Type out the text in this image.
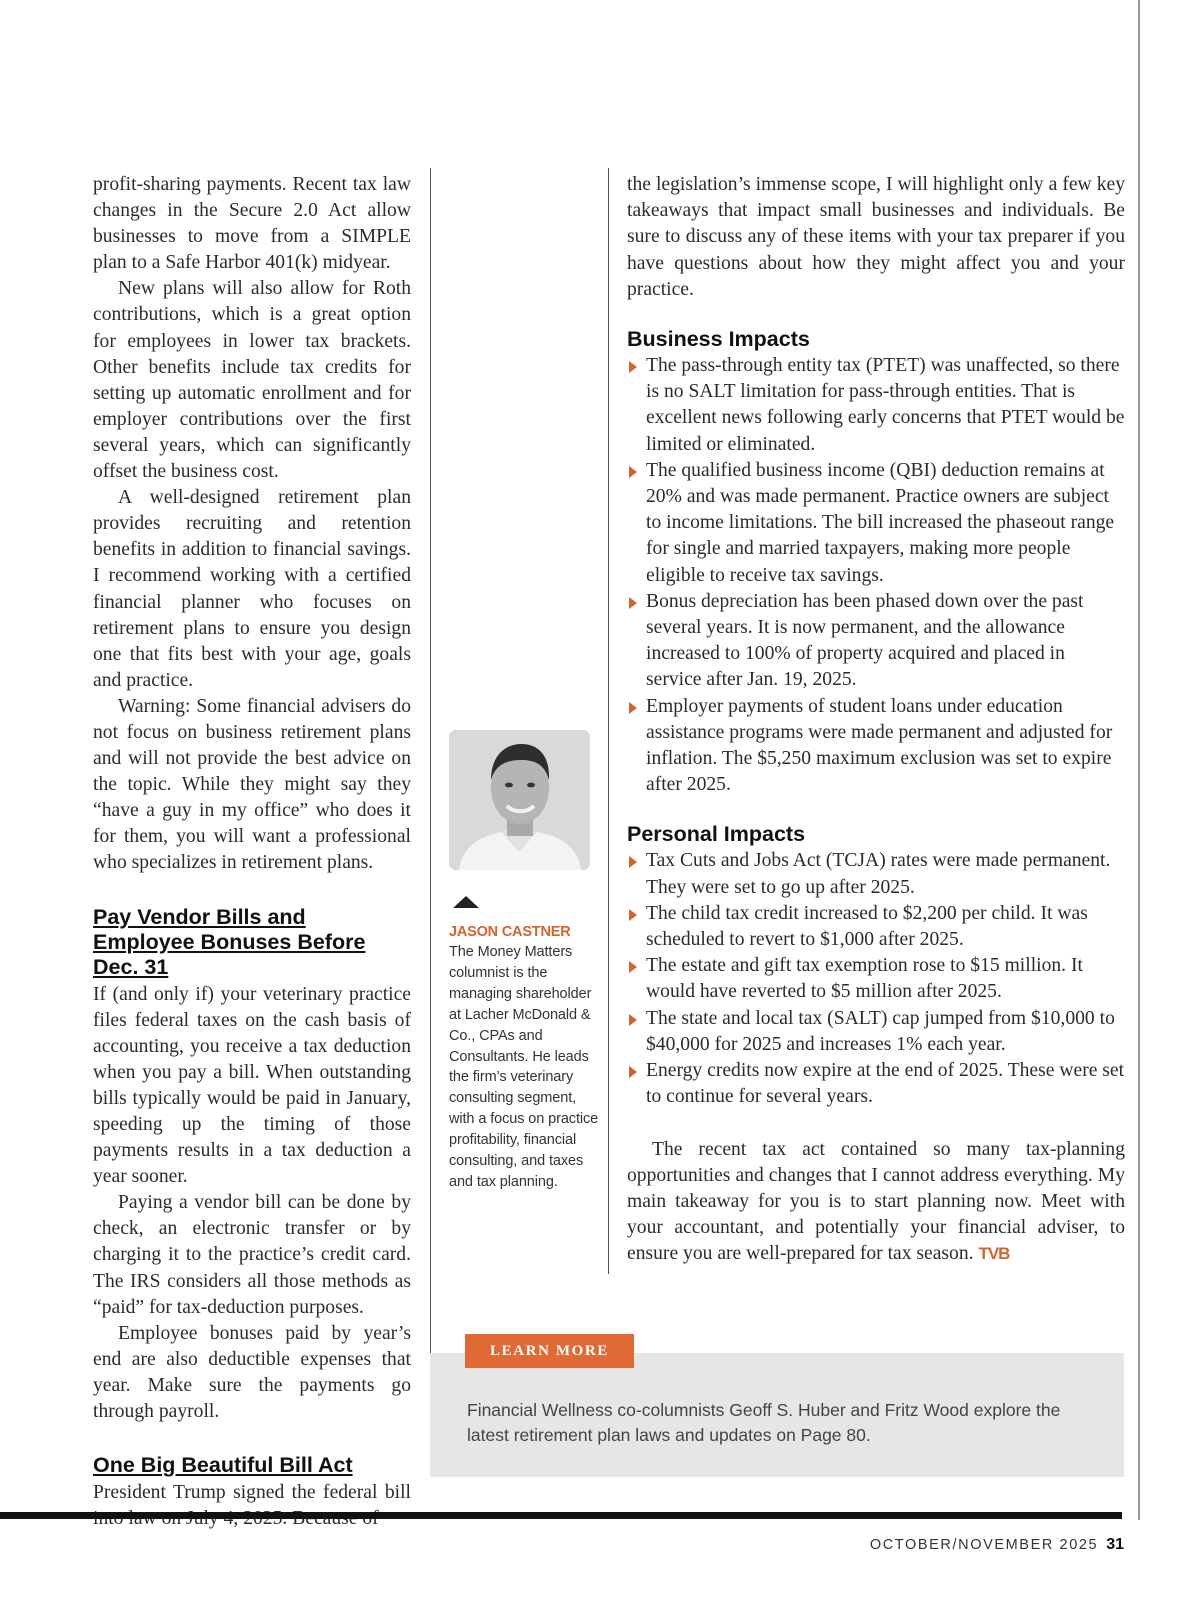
profit-sharing payments. Recent tax law changes in the Secure 2.0 Act allow businesses to move from a SIMPLE plan to a Safe Harbor 401(k) midyear.

New plans will also allow for Roth contributions, which is a great option for employees in lower tax brackets. Other benefits include tax credits for setting up automatic enrollment and for employer contributions over the first several years, which can significantly offset the business cost.

A well-designed retirement plan provides recruiting and retention benefits in addition to financial savings. I recommend working with a certified financial planner who focuses on retirement plans to ensure you design one that fits best with your age, goals and practice.

Warning: Some financial advisers do not focus on business retirement plans and will not provide the best advice on the topic. While they might say they “have a guy in my office” who does it for them, you will want a professional who specializes in retirement plans.

Pay Vendor Bills and Employee Bonuses Before Dec. 31

If (and only if) your veterinary practice files federal taxes on the cash basis of accounting, you receive a tax deduction when you pay a bill. When outstanding bills typically would be paid in January, speeding up the timing of those payments results in a tax deduction a year sooner.

Paying a vendor bill can be done by check, an electronic transfer or by charging it to the practice’s credit card. The IRS considers all those methods as “paid” for tax-deduction purposes.

Employee bonuses paid by year’s end are also deductible expenses that year. Make sure the payments go through payroll.

One Big Beautiful Bill Act

President Trump signed the federal bill

JASON CASTNER
The Money Matters columnist is the managing shareholder at Lacher McDonald & Co., CPAs and Consultants. He leads the firm’s veterinary consulting segment, with a focus on practice profitability, financial consulting, and taxes and tax planning.

the legislation’s immense scope, I will highlight only a few key takeaways that impact small businesses and individuals. Be sure to discuss any of these items with your tax preparer if you have questions about how they might affect you and your practice.

Business Impacts
The pass-through entity tax (PTET) was unaffected, so there is no SALT limitation for pass-through entities. That is excellent news following early concerns that PTET would be limited or eliminated.
The qualified business income (QBI) deduction remains at 20% and was made permanent. Practice owners are subject to income limitations. The bill increased the phaseout range for single and married taxpayers, making more people eligible to receive tax savings.
Bonus depreciation has been phased down over the past several years. It is now permanent, and the allowance increased to 100% of property acquired and placed in service after Jan. 19, 2025.
Employer payments of student loans under education assistance programs were made permanent and adjusted for inflation. The $5,250 maximum exclusion was set to expire after 2025.
Personal Impacts
Tax Cuts and Jobs Act (TCJA) rates were made permanent. They were set to go up after 2025.
The child tax credit increased to $2,200 per child. It was scheduled to revert to $1,000 after 2025.
The estate and gift tax exemption rose to $15 million. It would have reverted to $5 million after 2025.
The state and local tax (SALT) cap jumped from $10,000 to $40,000 for 2025 and increases 1% each year.
Energy credits now expire at the end of 2025. These were set to continue for several years.

The recent tax act contained so many tax-planning opportunities and changes that I cannot address everything. My main takeaway for you is to start planning now. Meet with your accountant, and potentially your financial adviser, to ensure you are well-prepared for tax season. TVB

LEARN MORE
Financial Wellness co-columnists Geoff S. Huber and Fritz Wood explore the latest retirement plan laws and updates on Page 80.
OCTOBER/NOVEMBER 2025 31
